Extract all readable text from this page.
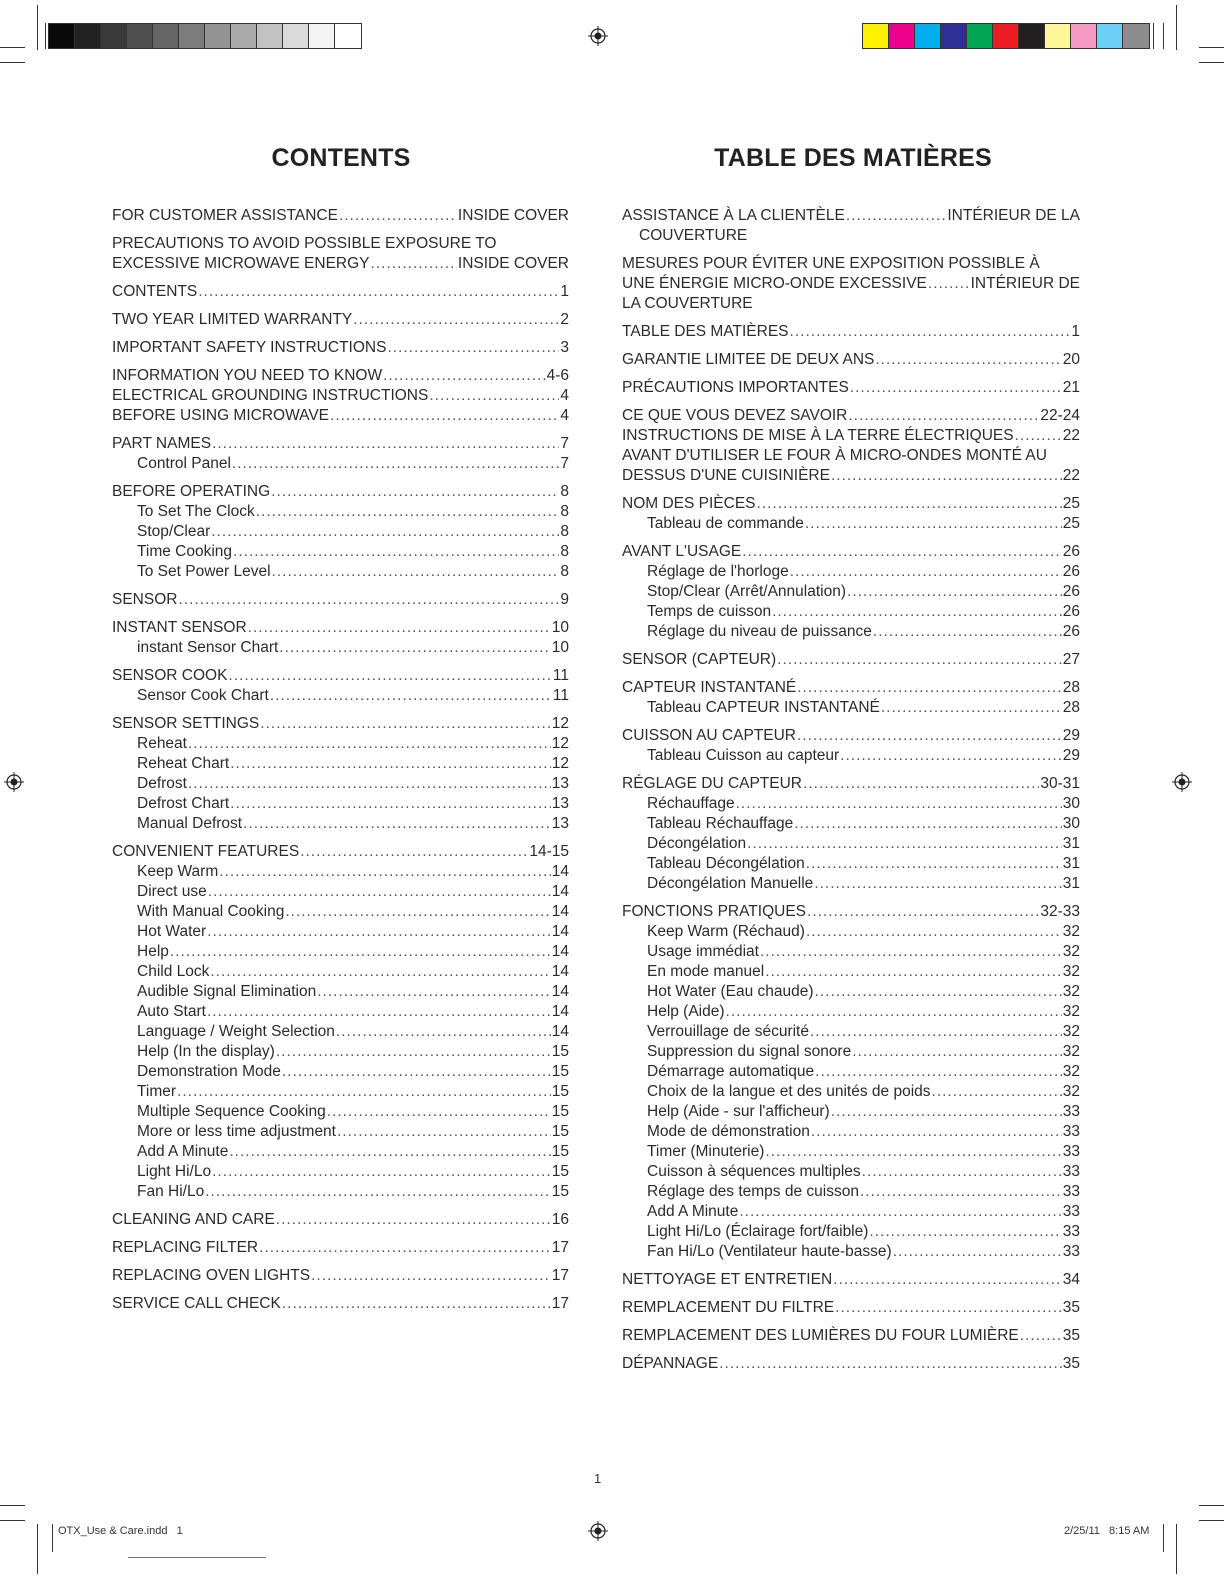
CONTENTS	TABLE DES MATIÈRES
FOR CUSTOMER ASSISTANCE .....	INSIDE COVER
PRECAUTIONS TO AVOID POSSIBLE EXPOSURE TO
EXCESSIVE MICROWAVE ENERGY .....	INSIDE COVER
CONTENTS .....	1
TWO YEAR LIMITED WARRANTY .....	2
IMPORTANT SAFETY INSTRUCTIONS .....	3
INFORMATION YOU NEED TO KNOW .....	4-6
ELECTRICAL GROUNDING INSTRUCTIONS .....	4
BEFORE USING MICROWAVE .....	4
PART NAMES .....	7
Control Panel .....	7
BEFORE OPERATING .....	8
To Set The Clock .....	8
Stop/Clear .....	8
Time Cooking .....	8
To Set Power Level .....	8
SENSOR .....	9
INSTANT SENSOR .....	10
instant Sensor Chart .....	10
SENSOR COOK .....	11
Sensor Cook Chart .....	11
SENSOR SETTINGS .....	12
Reheat .....	12
Reheat Chart .....	12
Defrost .....	13
Defrost Chart .....	13
Manual Defrost .....	13
CONVENIENT FEATURES .....	14-15
Keep Warm .....	14
Direct use .....	14
With Manual Cooking .....	14
Hot Water .....	14
Help .....	14
Child Lock .....	14
Audible Signal Elimination .....	14
Auto Start .....	14
Language / Weight Selection .....	14
Help (In the display) .....	15
Demonstration Mode .....	15
Timer .....	15
Multiple Sequence Cooking .....	15
More or less time adjustment .....	15
Add A Minute .....	15
Light Hi/Lo .....	15
Fan Hi/Lo .....	15
CLEANING AND CARE .....	16
REPLACING FILTER .....	17
REPLACING OVEN LIGHTS .....	17
SERVICE CALL CHECK .....	17
ASSISTANCE À LA CLIENTÈLE .....	INTÉRIEUR DE LA
COUVERTURE
MESURES POUR ÉVITER UNE EXPOSITION POSSIBLE À
UNE ÉNERGIE MICRO-ONDE EXCESSIVE .....	INTÉRIEUR DE
LA COUVERTURE
TABLE DES MATIÈRES .....	1
GARANTIE LIMITEE DE DEUX ANS .....	20
PRÉCAUTIONS IMPORTANTES .....	21
CE QUE VOUS DEVEZ SAVOIR .....	22-24
INSTRUCTIONS DE MISE À LA TERRE ÉLECTRIQUES .....	22
AVANT D'UTILISER LE FOUR À MICRO-ONDES MONTÉ AU
DESSUS D'UNE CUISINIÈRE .....	22
NOM DES PIÈCES .....	25
Tableau de commande .....	25
AVANT L'USAGE .....	26
Réglage de l'horloge .....	26
Stop/Clear (Arrêt/Annulation) .....	26
Temps de cuisson .....	26
Réglage du niveau de puissance .....	26
SENSOR (CAPTEUR) .....	27
CAPTEUR INSTANTANÉ .....	28
Tableau CAPTEUR INSTANTANÉ .....	28
CUISSON AU CAPTEUR .....	29
Tableau Cuisson au capteur .....	29
RÉGLAGE DU CAPTEUR .....	30-31
Réchauffage .....	30
Tableau Réchauffage .....	30
Décongélation .....	31
Tableau Décongélation .....	31
Décongélation Manuelle .....	31
FONCTIONS PRATIQUES .....	32-33
Keep Warm (Réchaud) .....	32
Usage immédiat .....	32
En mode manuel .....	32
Hot Water (Eau chaude) .....	32
Help (Aide) .....	32
Verrouillage de sécurité .....	32
Suppression du signal sonore .....	32
Démarrage automatique .....	32
Choix de la langue et des unités de poids .....	32
Help (Aide - sur l'afficheur) .....	33
Mode de démonstration .....	33
Timer (Minuterie) .....	33
Cuisson à séquences multiples .....	33
Réglage des temps de cuisson .....	33
Add A Minute .....	33
Light Hi/Lo (Éclairage fort/faible) .....	33
Fan Hi/Lo (Ventilateur haute-basse) .....	33
NETTOYAGE ET ENTRETIEN .....	34
REMPLACEMENT DU FILTRE .....	35
REMPLACEMENT DES LUMIÈRES DU FOUR LUMIÈRE .....	35
DÉPANNAGE .....	35
1
OTX_Use & Care.indd   1	2/25/11   8:15 AM
